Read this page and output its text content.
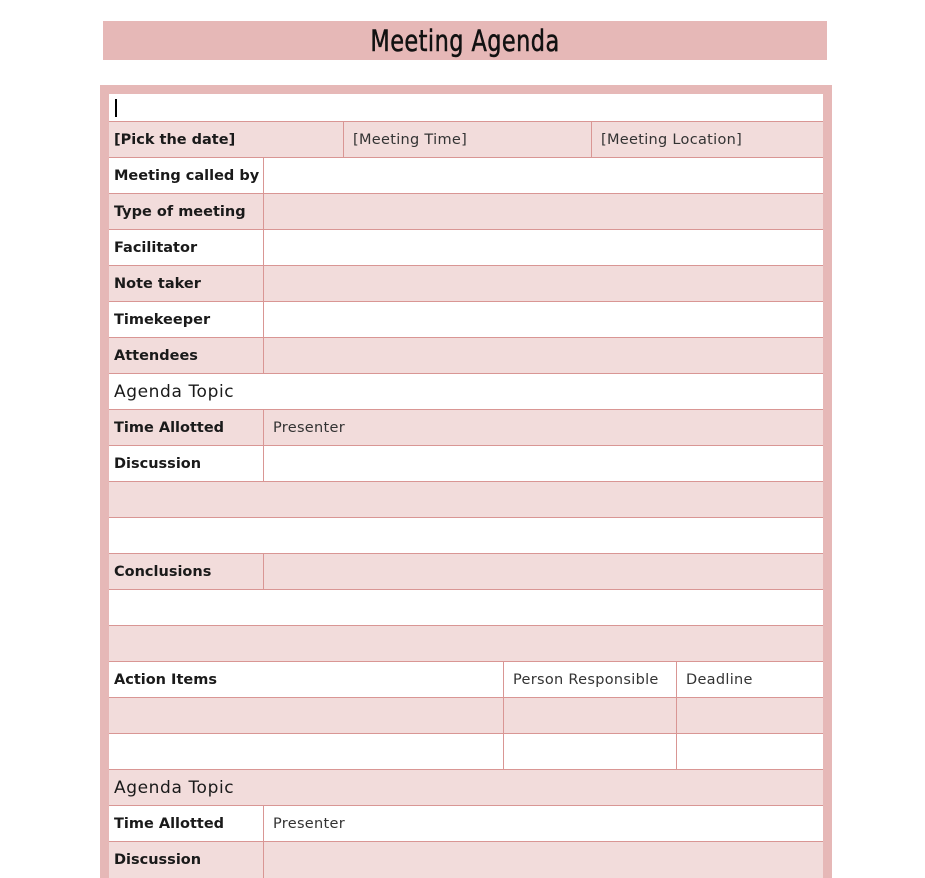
Meeting Agenda
[Pick the date]	[Meeting Time]	[Meeting Location]
Meeting called by
Type of meeting
Facilitator
Note taker
Timekeeper
Attendees
Agenda Topic
Time Allotted	Presenter
Discussion
Conclusions
Action Items	Person Responsible	Deadline
Agenda Topic
Time Allotted	Presenter
Discussion
